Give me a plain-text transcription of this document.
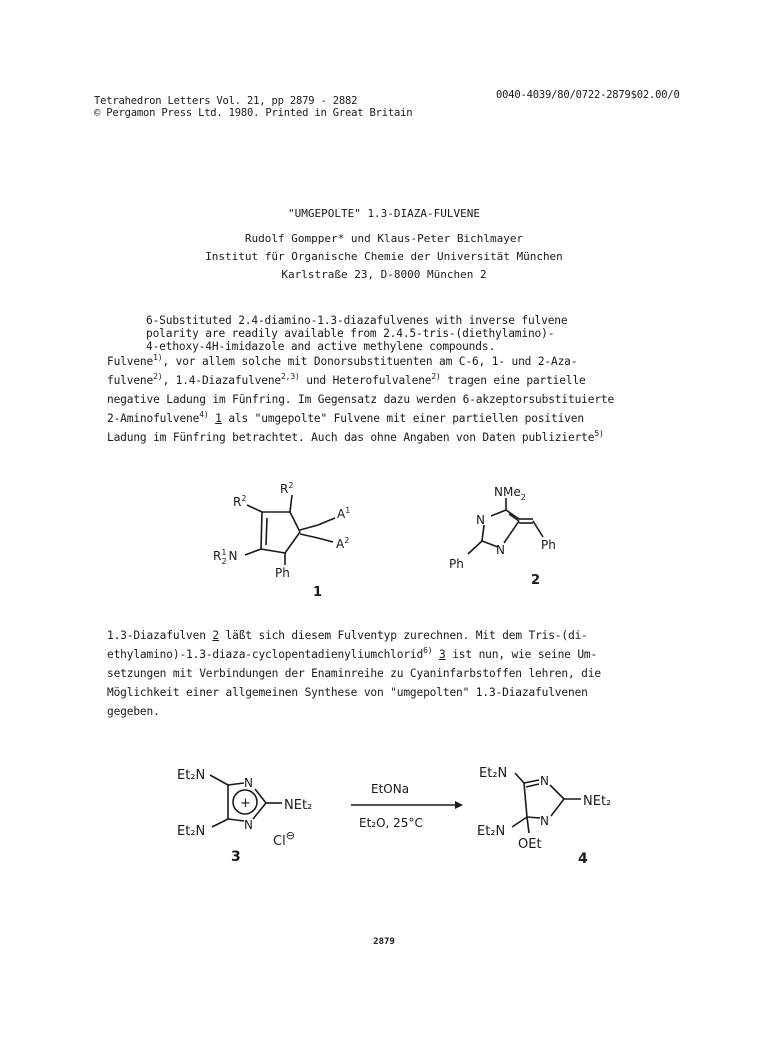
Tetrahedron Letters Vol. 21, pp 2879 - 2882
© Pergamon Press Ltd. 1980. Printed in Great Britain
0040-4039/80/0722-2879$02.00/0
"UMGEPOLTE" 1.3-DIAZA-FULVENE
Rudolf Gompper* und Klaus-Peter Bichlmayer
Institut für Organische Chemie der Universität München
Karlstraße 23, D-8000 München 2

6-Substituted 2.4-diamino-1.3-diazafulvenes with inverse fulvene
polarity are readily available from 2.4.5-tris-(diethylamino)-
4-ethoxy-4H-imidazole and active methylene compounds.
Fulvene$^{1)}$, vor allem solche mit Donorsubstituenten am C-6, 1- und 2-Aza-
fulvene$^{2)}$, 1.4-Diazafulvene$^{2,3)}$ und Heterofulvalene$^{2)}$ tragen eine partielle
negative Ladung im Fünfring. Im Gegensatz dazu werden 6-akzeptorsubstituierte
2-Aminofulvene$^{4)}$ 1 als "umgepolte" Fulvene mit einer partiellen positiven
Ladung im Fünfring betrachtet. Auch das ohne Angaben von Daten publizierte$^{5)}$
$R^2$
$R^2$
$A^1$
$A^2$
$R^1$ 2 N
Ph
1
NMe$_2$
N
N	Ph
Ph
2
1.3-Diazafulven 2 läßt sich diesem Fulventyp zurechnen. Mit dem Tris-(di-
ethylamino)-1.3-diaza-cyclopentadienyliumchlorid$^{6)}$ 3 ist nun, wie seine Um-
setzungen mit Verbindungen der Enaminreihe zu Cyaninfarbstoffen lehren, die
Möglichkeit einer allgemeinen Synthese von "umgepolten" 1.3-Diazafulvenen
gegeben.
Et₂N
Et₂N
NEt₂
N
N
+
Cl⊖
3
EtONa
Et₂O, 25°C
Et₂N
Et₂N
NEt₂
N
N
OEt
4
2879
